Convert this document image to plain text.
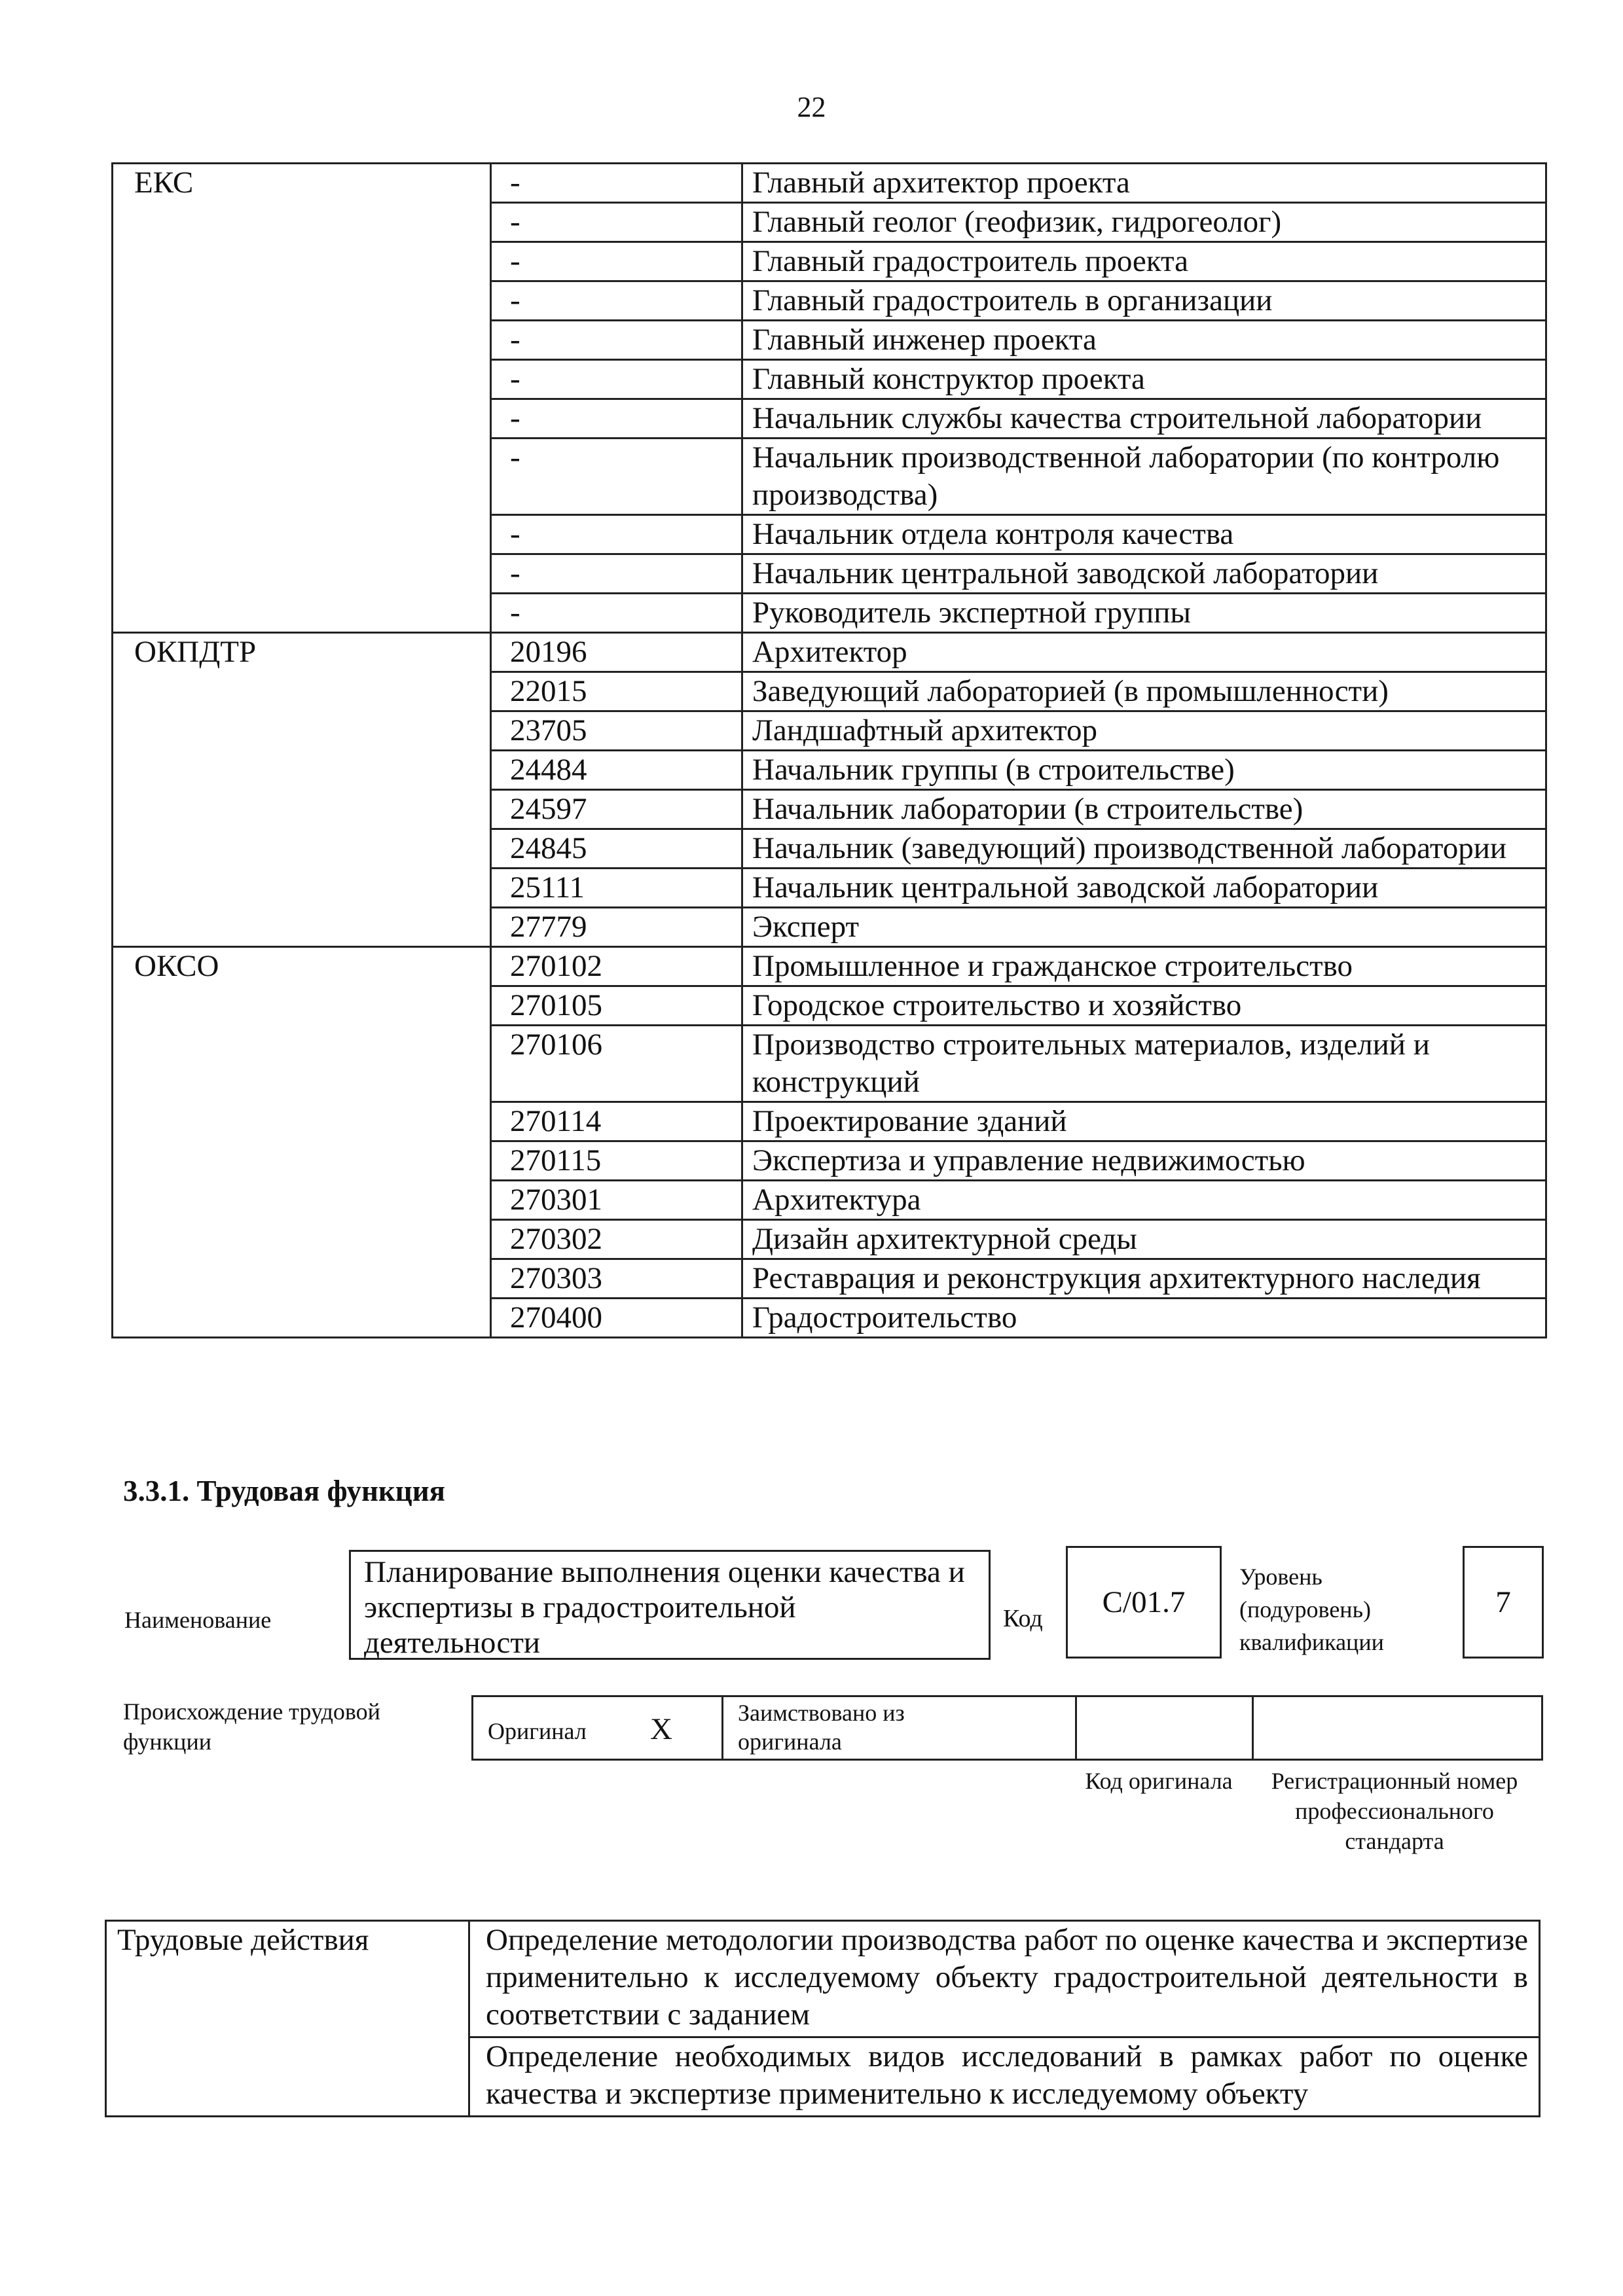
22
ЕКС	-	Главный архитектор проекта
	-	Главный геолог (геофизик, гидрогеолог)
	-	Главный градостроитель проекта
	-	Главный градостроитель в организации
	-	Главный инженер проекта
	-	Главный конструктор проекта
	-	Начальник службы качества строительной лаборатории
	-	Начальник производственной лаборатории (по контролю производства)
	-	Начальник отдела контроля качества
	-	Начальник центральной заводской лаборатории
	-	Руководитель экспертной группы
ОКПДТР	20196	Архитектор
	22015	Заведующий лабораторией (в промышленности)
	23705	Ландшафтный архитектор
	24484	Начальник группы (в строительстве)
	24597	Начальник лаборатории (в строительстве)
	24845	Начальник (заведующий) производственной лаборатории
	25111	Начальник центральной заводской лаборатории
	27779	Эксперт
ОКСО	270102	Промышленное и гражданское строительство
	270105	Городское строительство и хозяйство
	270106	Производство строительных материалов, изделий и конструкций
	270114	Проектирование зданий
	270115	Экспертиза и управление недвижимостью
	270301	Архитектура
	270302	Дизайн архитектурной среды
	270303	Реставрация и реконструкция архитектурного наследия
	270400	Градостроительство
3.3.1. Трудовая функция
Наименование
Планирование выполнения оценки качества и экспертизы в градостроительной деятельности
Код C/01.7
Уровень (подуровень) квалификации
7
Происхождение трудовой функции	Оригинал X	Заимствовано из оригинала
Код оригинала	Регистрационный номер профессионального стандарта
Трудовые действия	Определение методологии производства работ по оценке качества и экспертизе применительно к исследуемому объекту градостроительной деятельности в соответствии с заданием
Определение необходимых видов исследований в рамках работ по оценке качества и экспертизе применительно к исследуемому объекту
